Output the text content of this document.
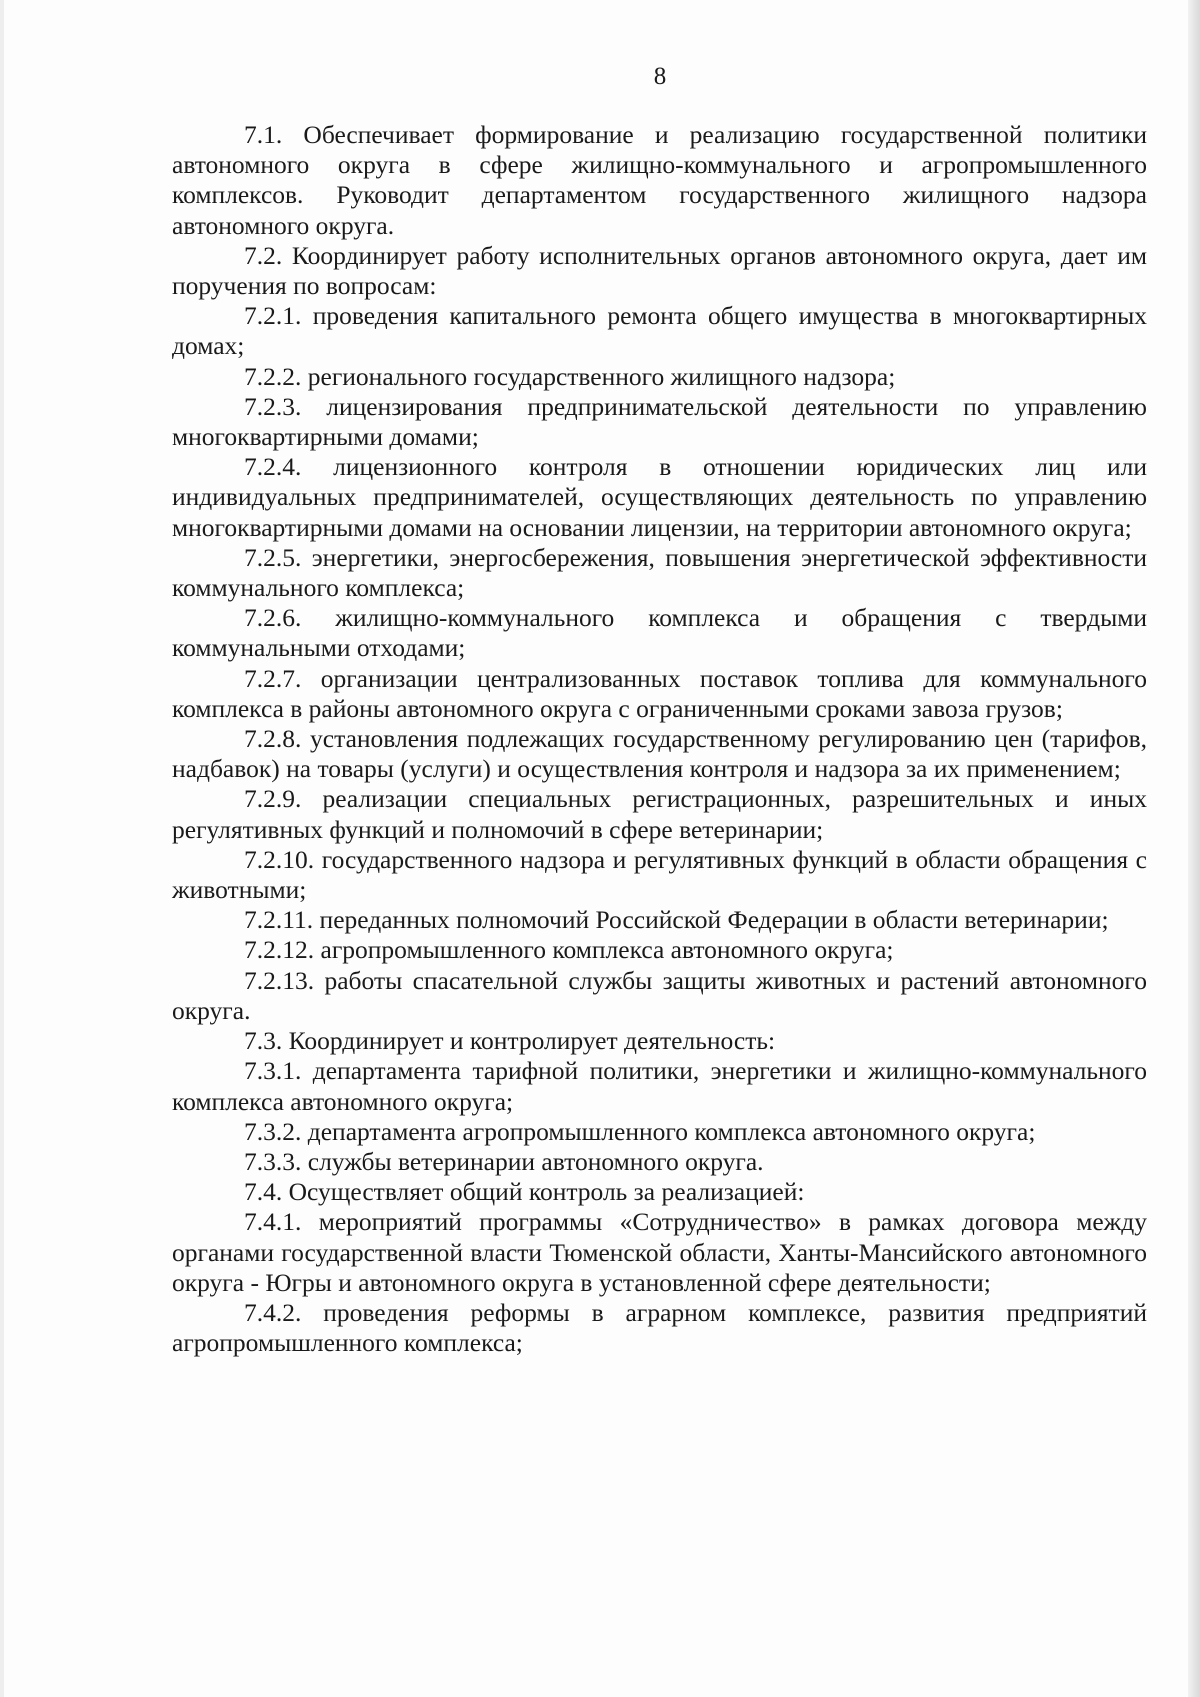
8

7.1. Обеспечивает формирование и реализацию государственной политики автономного округа в сфере жилищно-коммунального и агропромышленного комплексов. Руководит департаментом государственного жилищного надзора автономного округа.

7.2. Координирует работу исполнительных органов автономного округа, дает им поручения по вопросам:

7.2.1. проведения капитального ремонта общего имущества в многоквартирных домах;

7.2.2. регионального государственного жилищного надзора;

7.2.3. лицензирования предпринимательской деятельности по управлению многоквартирными домами;

7.2.4. лицензионного контроля в отношении юридических лиц или индивидуальных предпринимателей, осуществляющих деятельность по управлению многоквартирными домами на основании лицензии, на территории автономного округа;

7.2.5. энергетики, энергосбережения, повышения энергетической эффективности коммунального комплекса;

7.2.6. жилищно-коммунального комплекса и обращения с твердыми коммунальными отходами;

7.2.7. организации централизованных поставок топлива для коммунального комплекса в районы автономного округа с ограниченными сроками завоза грузов;

7.2.8. установления подлежащих государственному регулированию цен (тарифов, надбавок) на товары (услуги) и осуществления контроля и надзора за их применением;

7.2.9. реализации специальных регистрационных, разрешительных и иных регулятивных функций и полномочий в сфере ветеринарии;

7.2.10. государственного надзора и регулятивных функций в области обращения с животными;

7.2.11. переданных полномочий Российской Федерации в области ветеринарии;

7.2.12. агропромышленного комплекса автономного округа;

7.2.13. работы спасательной службы защиты животных и растений автономного округа.

7.3. Координирует и контролирует деятельность:

7.3.1. департамента тарифной политики, энергетики и жилищно-коммунального комплекса автономного округа;

7.3.2. департамента агропромышленного комплекса автономного округа;

7.3.3. службы ветеринарии автономного округа.

7.4. Осуществляет общий контроль за реализацией:

7.4.1. мероприятий программы «Сотрудничество» в рамках договора между органами государственной власти Тюменской области, Ханты-Мансийского автономного округа - Югры и автономного округа в установленной сфере деятельности;

7.4.2. проведения реформы в аграрном комплексе, развития предприятий агропромышленного комплекса;
